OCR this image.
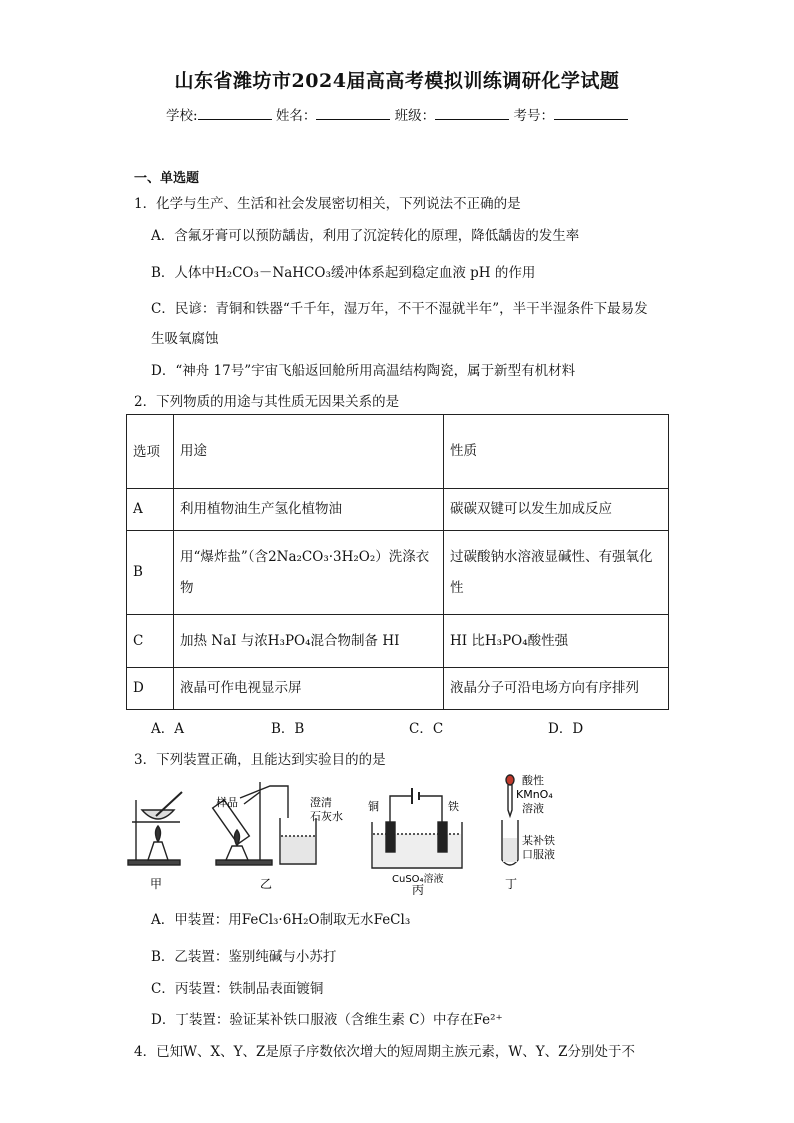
山东省潍坊市2024届高高考模拟训练调研化学试题
学校:	姓名：	班级：	考号：
一、单选题
1．化学与生产、生活和社会发展密切相关，下列说法不正确的是
A．含氟牙膏可以预防龋齿，利用了沉淀转化的原理，降低龋齿的发生率
B．人体中H₂CO₃－NaHCO₃缓冲体系起到稳定血液 pH 的作用
C．民谚：青铜和铁器“千千年，湿万年，不干不湿就半年”，半干半湿条件下最易发
生吸氧腐蚀
D．“神舟 17号”宇宙飞船返回舱所用高温结构陶瓷，属于新型有机材料
2．下列物质的用途与其性质无因果关系的是
选项	用途	性质
A	利用植物油生产氢化植物油	碳碳双键可以发生加成反应
B	用“爆炸盐”（含2Na₂CO₃·3H₂O₂）洗涤衣物	过碳酸钠水溶液显碱性、有强氧化性
C	加热 NaI 与浓H₃PO₄混合物制备 HI	HI 比H₃PO₄酸性强
D	液晶可作电视显示屏	液晶分子可沿电场方向有序排列
A．A	B．B	C．C	D．D
3．下列装置正确，且能达到实验目的的是
甲
样品	澄清
石灰水
乙
铜	铁
CuSO₄溶液
丙
酸性
KMnO₄
溶液
某补铁
口服液
丁
A．甲装置：用FeCl₃·6H₂O制取无水FeCl₃
B．乙装置：鉴别纯碱与小苏打
C．丙装置：铁制品表面镀铜
D．丁装置：验证某补铁口服液（含维生素 C）中存在Fe²⁺
4．已知W、X、Y、Z是原子序数依次增大的短周期主族元素，W、Y、Z分别处于不
